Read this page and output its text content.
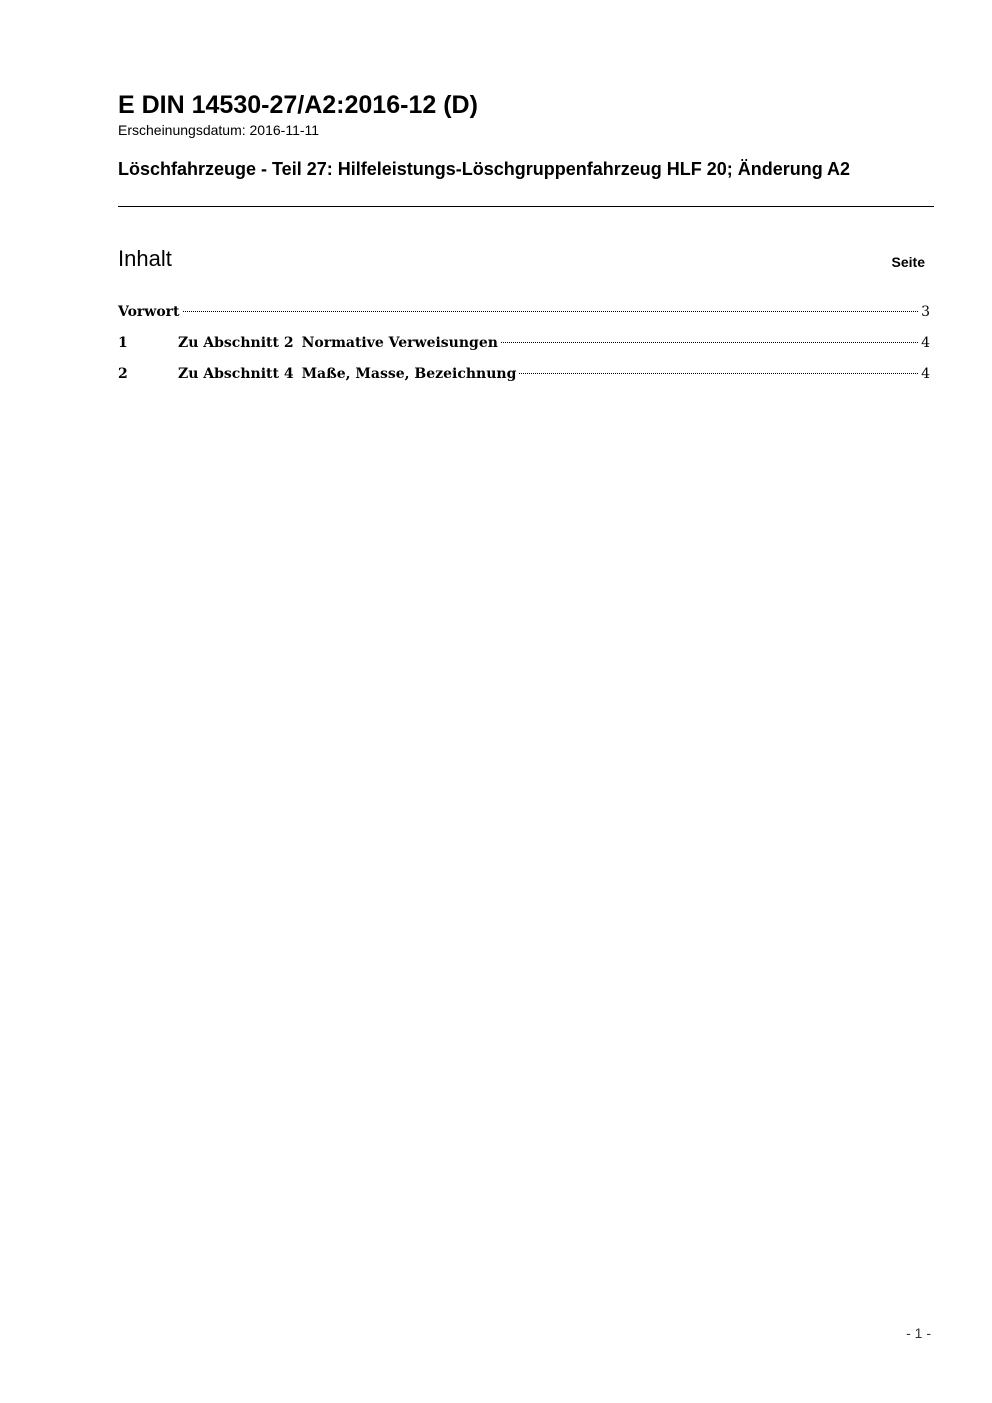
E DIN 14530-27/A2:2016-12 (D)
Erscheinungsdatum: 2016-11-11
Löschfahrzeuge - Teil 27: Hilfeleistungs-Löschgruppenfahrzeug HLF 20; Änderung A2
Inhalt	Seite
Vorwort	3
1	Zu Abschnitt 2 Normative Verweisungen	4
2	Zu Abschnitt 4 Maße, Masse, Bezeichnung	4
- 1 -
